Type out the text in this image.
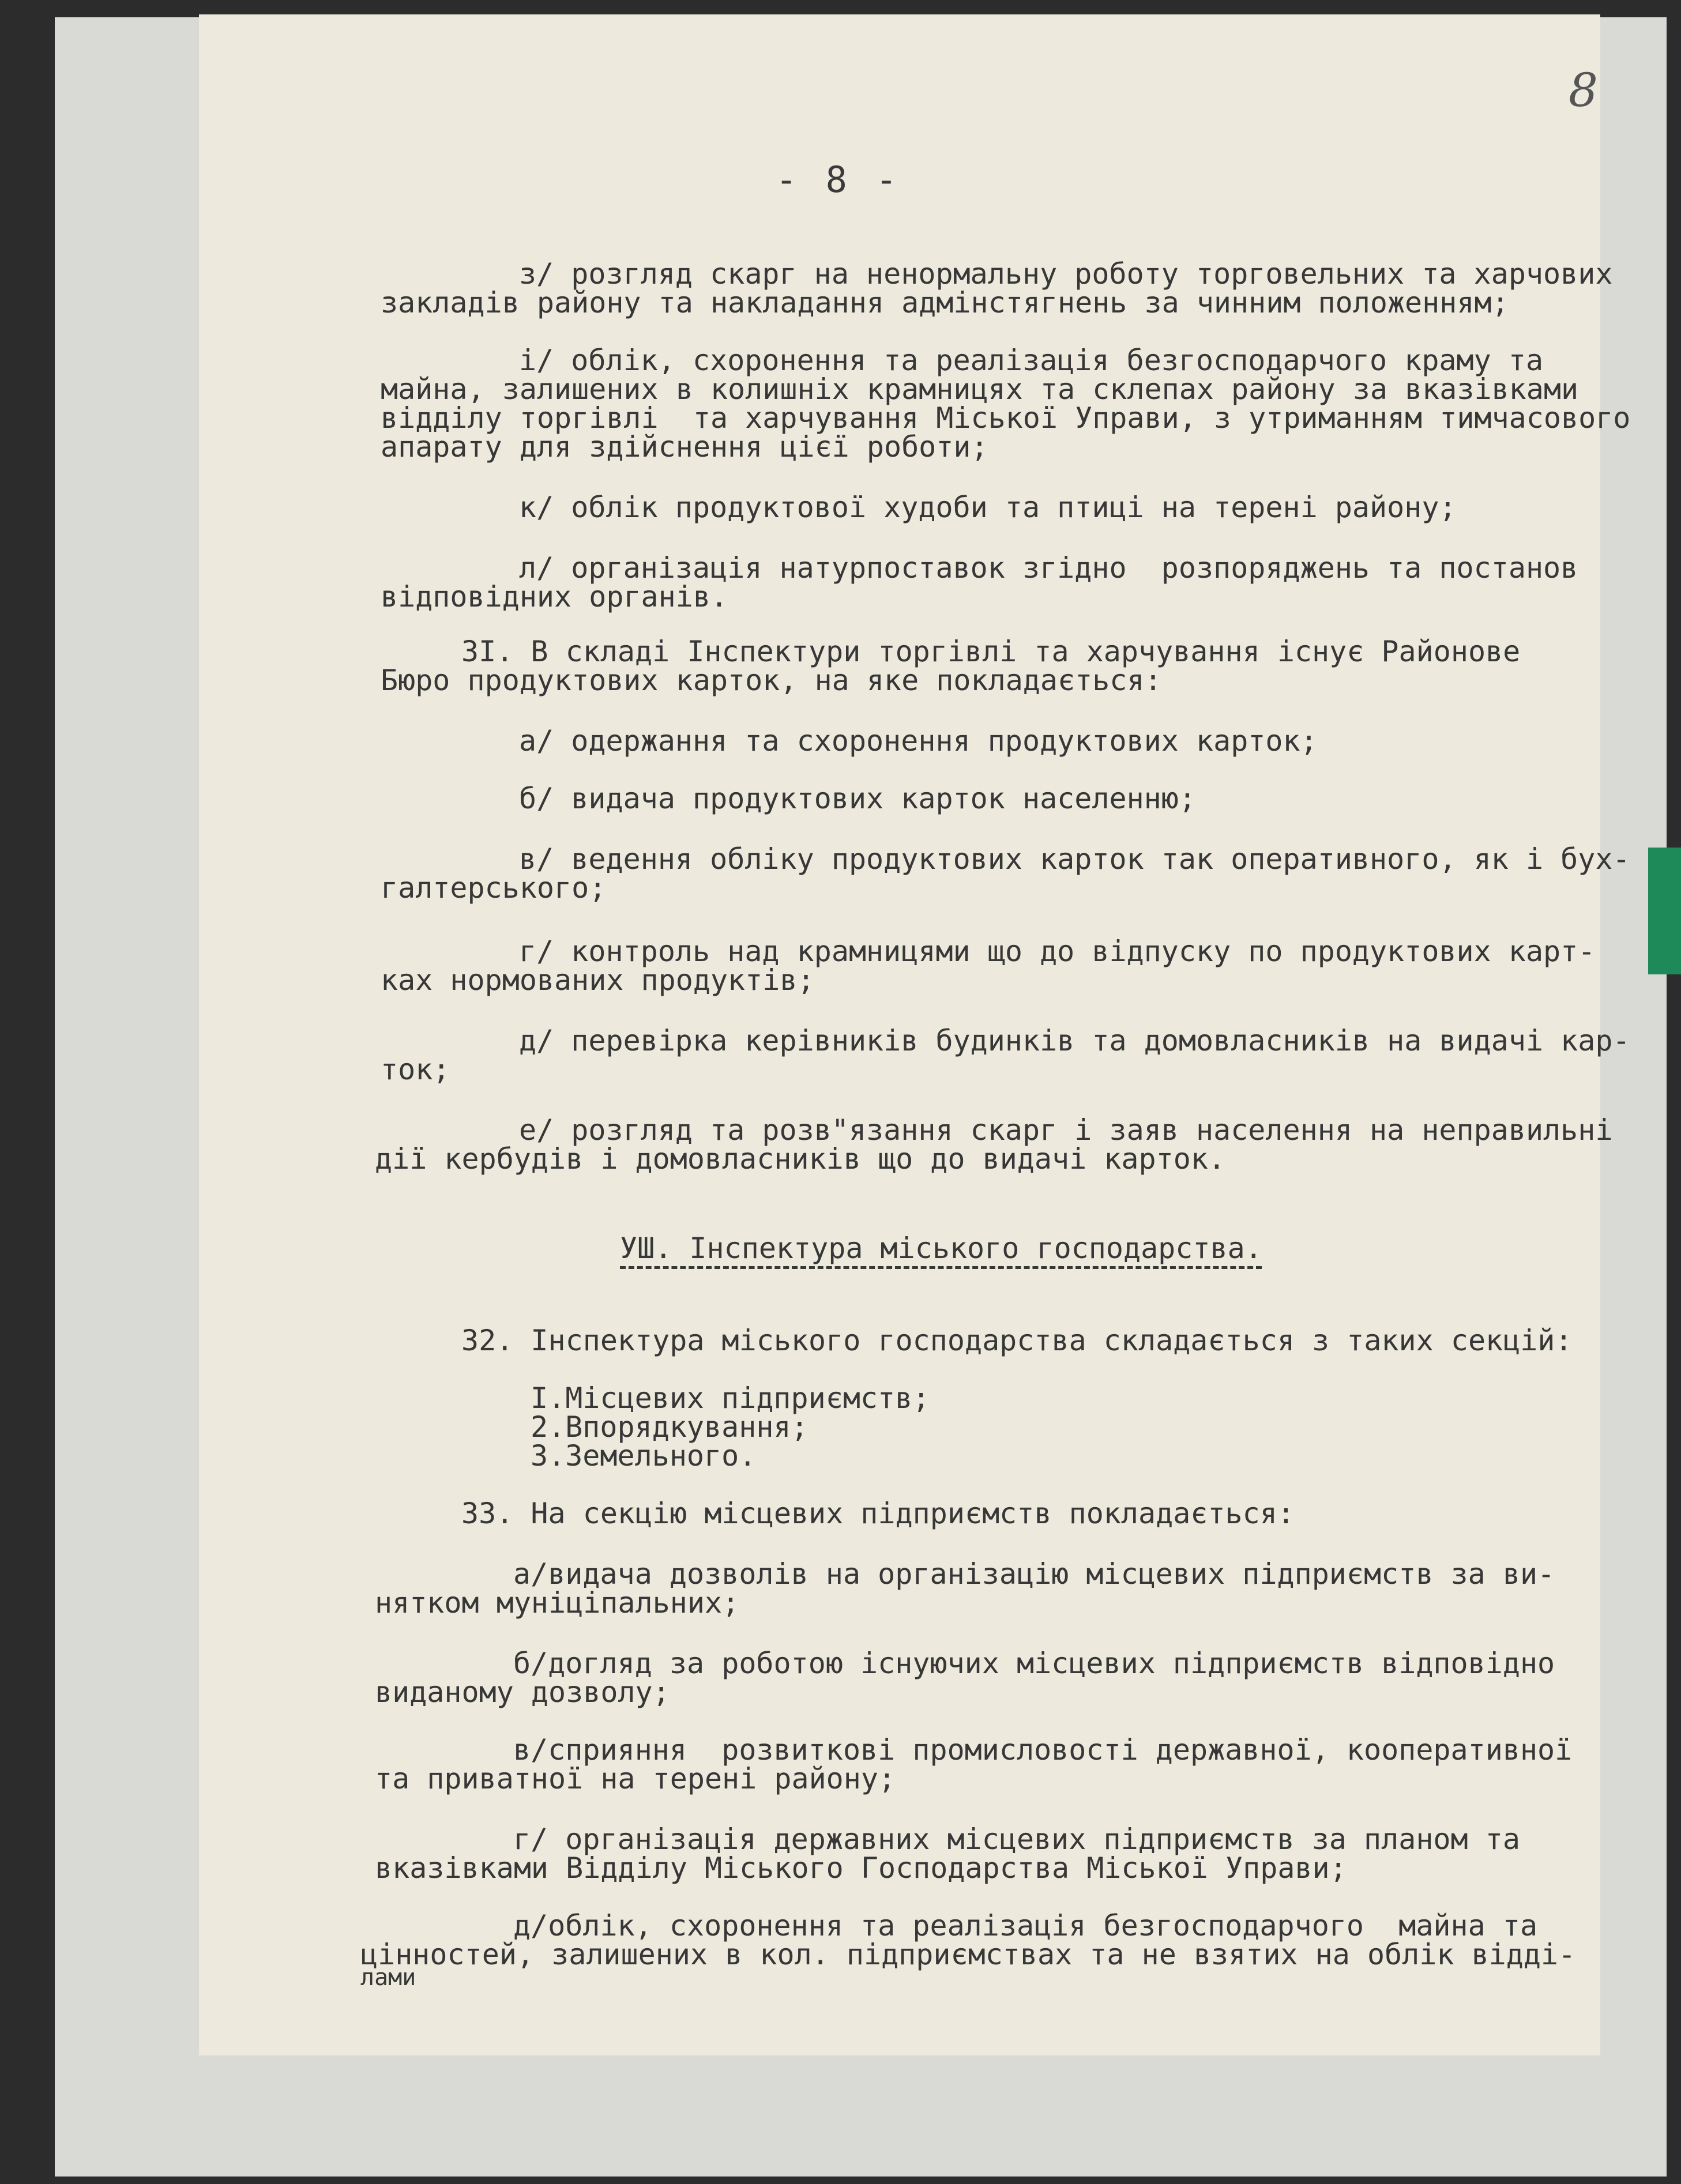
8
- 8 -
з/ розгляд скарг на ненормальну роботу торговельних та харчових
закладів району та накладання адмінстягнень за чинним положенням;
і/ облік, схоронення та реалізація безгосподарчого краму та
майна, залишених в колишніх крамницях та склепах району за вказівками
відділу торгівлі  та харчування Міської Управи, з утриманням тимчасового
апарату для здійснення цієї роботи;
к/ облік продуктової худоби та птиці на терені району;
л/ організація натурпоставок згідно  розпоряджень та постанов
відповідних органів.
3І. В складі Інспектури торгівлі та харчування існує Районове
Бюро продуктових карток, на яке покладається:
а/ одержання та схоронення продуктових карток;
б/ видача продуктових карток населенню;
в/ ведення обліку продуктових карток так оперативного, як і бух-
галтерського;
г/ контроль над крамницями що до відпуску по продуктових карт-
ках нормованих продуктів;
д/ перевірка керівників будинків та домовласників на видачі кар-
ток;
е/ розгляд та розв"язання скарг і заяв населення на неправильні
дії кербудів і домовласників що до видачі карток.
УШ. Інспектура міського господарства.
32. Інспектура міського господарства складається з таких секцій:
І.Місцевих підприємств;
2.Впорядкування;
3.Земельного.
33. На секцію місцевих підприємств покладається:
а/видача дозволів на організацію місцевих підприємств за ви-
нятком муніціпальних;
б/догляд за роботою існуючих місцевих підприємств відповідно
виданому дозволу;
в/сприяння  розвиткові промисловості державної, кооперативної
та приватної на терені району;
г/ організація державних місцевих підприємств за планом та
вказівками Відділу Міського Господарства Міської Управи;
д/облік, схоронення та реалізація безгосподарчого  майна та
цінностей, залишених в кол. підприємствах та не взятих на облік відді-
лами
